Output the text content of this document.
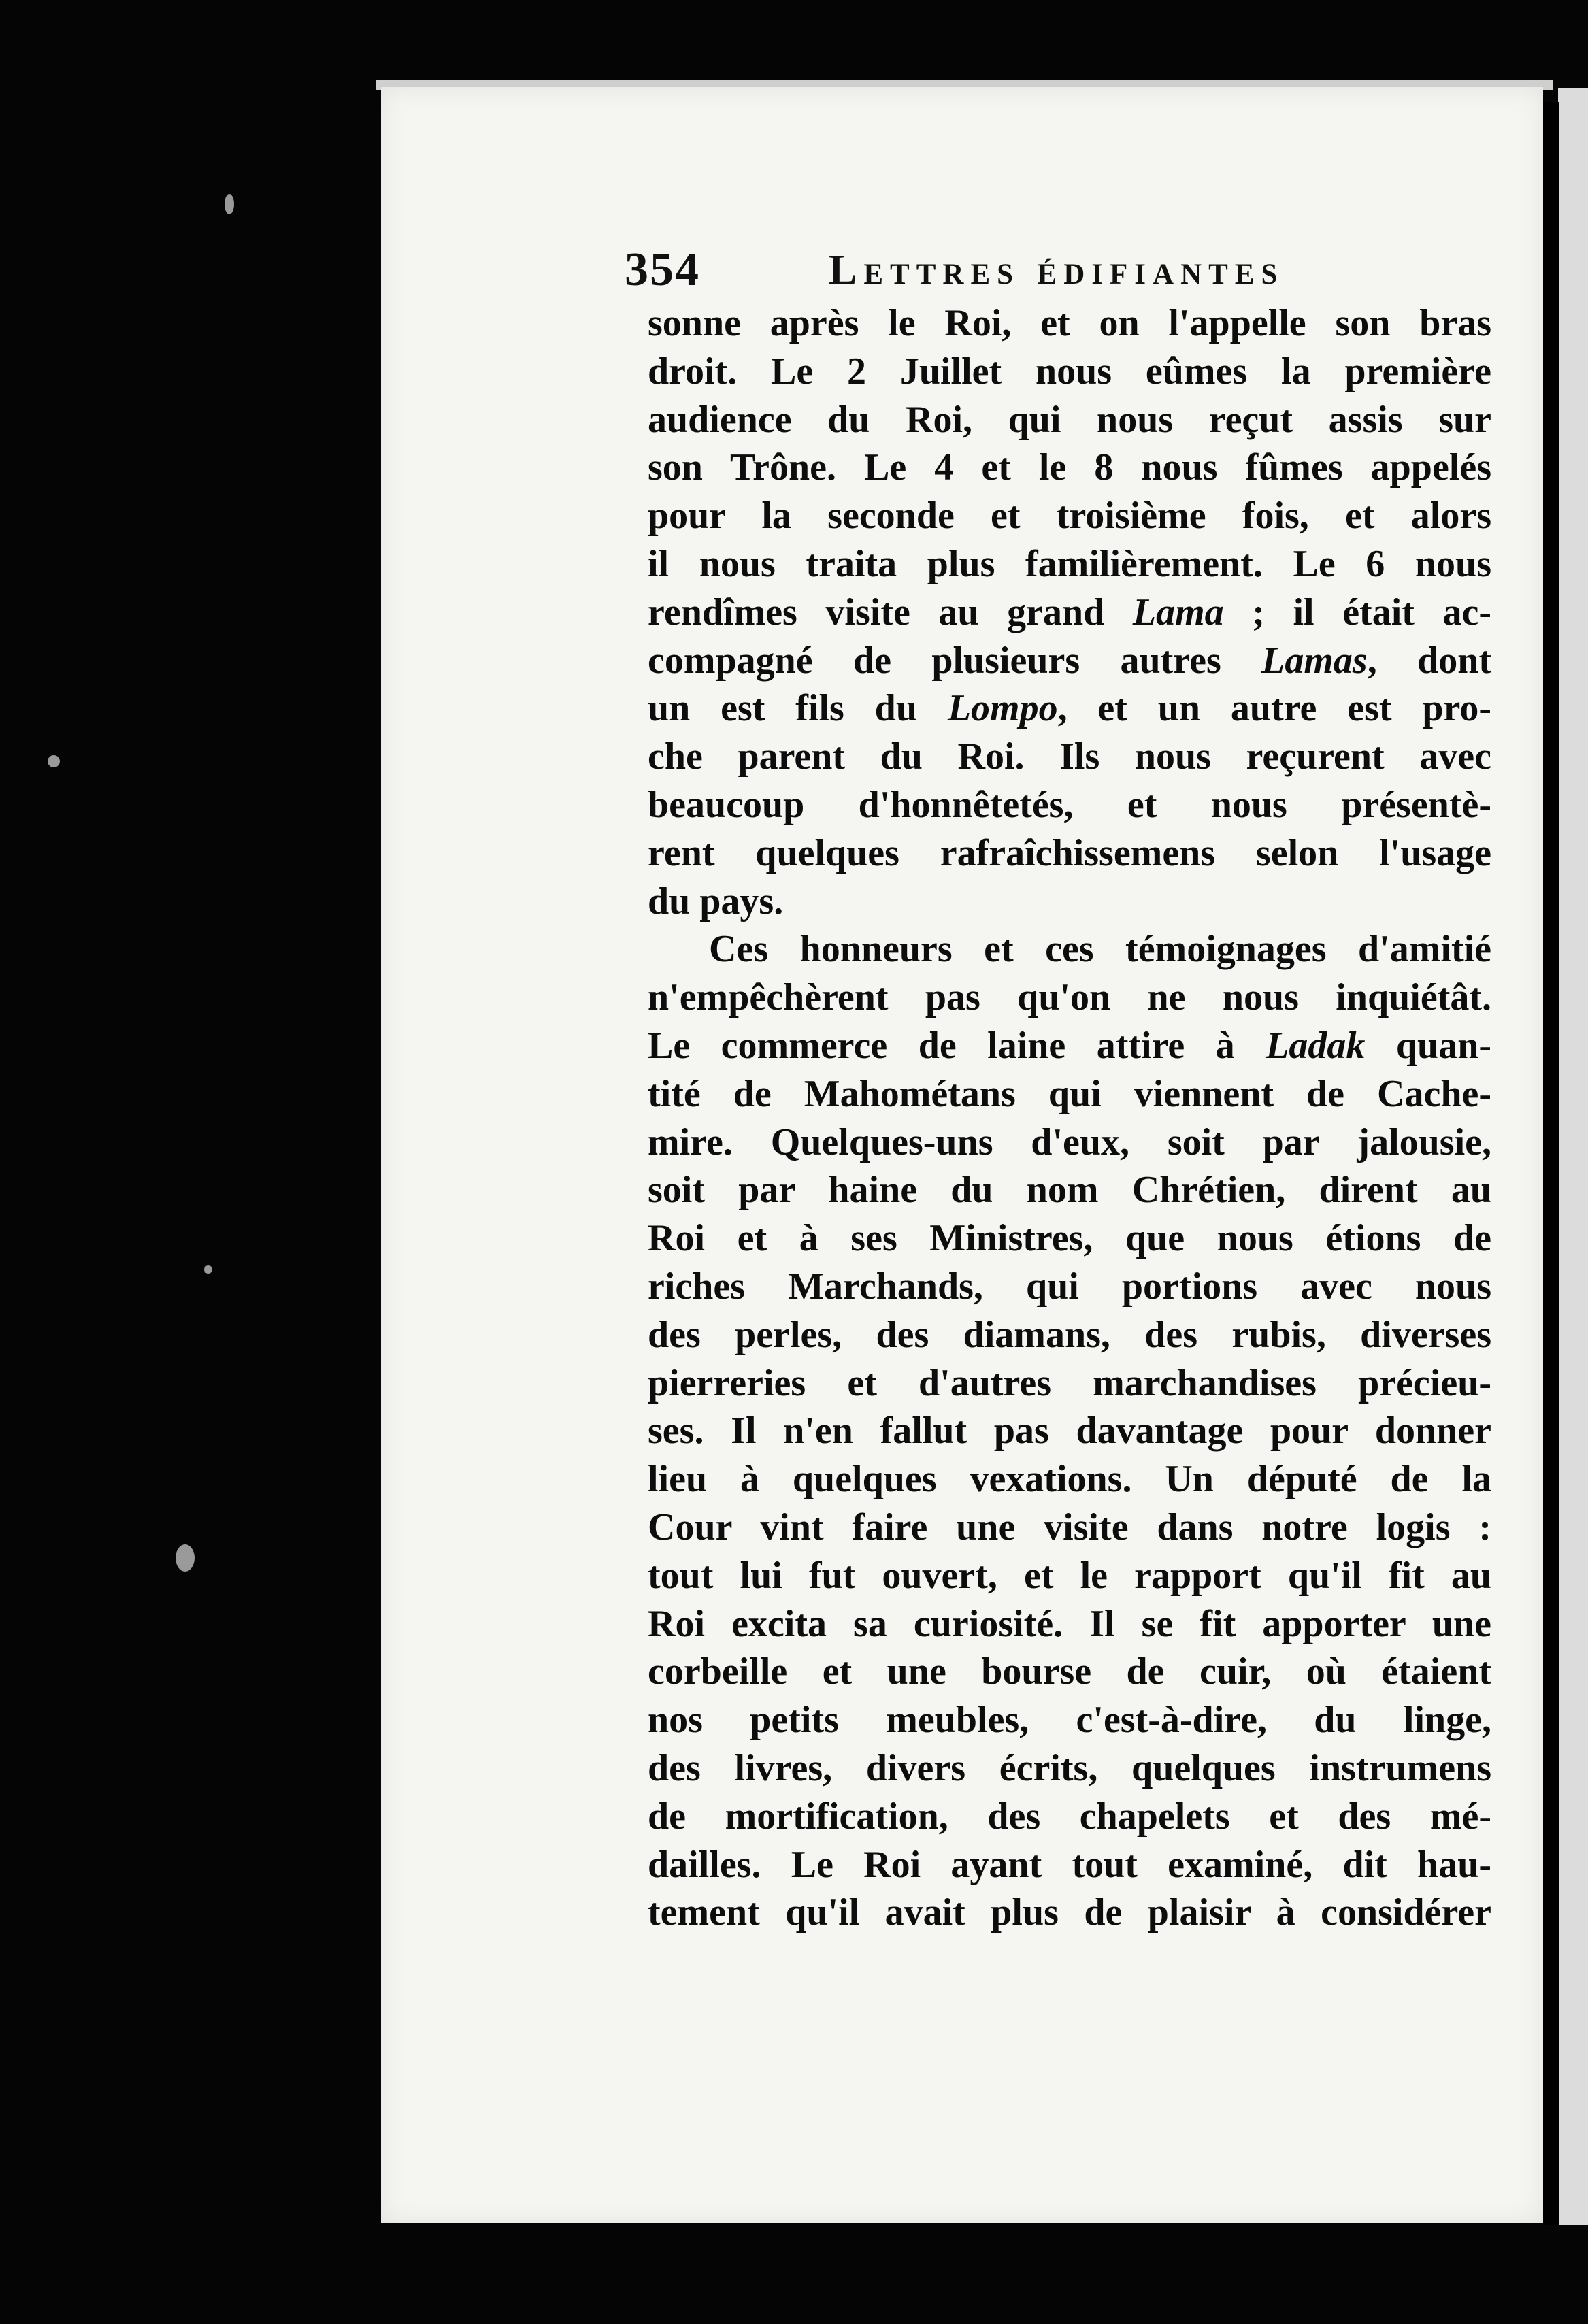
354	Lettres édifiantes
sonne après le Roi, et on l'appelle son bras
droit. Le 2 Juillet nous eûmes la première
audience du Roi, qui nous reçut assis sur
son Trône. Le 4 et le 8 nous fûmes appelés
pour la seconde et troisième fois, et alors
il nous traita plus familièrement. Le 6 nous
rendîmes visite au grand Lama ; il était ac-
compagné de plusieurs autres Lamas, dont
un est fils du Lompo, et un autre est pro-
che parent du Roi. Ils nous reçurent avec
beaucoup d'honnêtetés, et nous présentè-
rent quelques rafraîchissemens selon l'usage
du pays.
Ces honneurs et ces témoignages d'amitié
n'empêchèrent pas qu'on ne nous inquiétât.
Le commerce de laine attire à Ladak quan-
tité de Mahométans qui viennent de Cache-
mire. Quelques-uns d'eux, soit par jalousie,
soit par haine du nom Chrétien, dirent au
Roi et à ses Ministres, que nous étions de
riches Marchands, qui portions avec nous
des perles, des diamans, des rubis, diverses
pierreries et d'autres marchandises précieu-
ses. Il n'en fallut pas davantage pour donner
lieu à quelques vexations. Un député de la
Cour vint faire une visite dans notre logis :
tout lui fut ouvert, et le rapport qu'il fit au
Roi excita sa curiosité. Il se fit apporter une
corbeille et une bourse de cuir, où étaient
nos petits meubles, c'est-à-dire, du linge,
des livres, divers écrits, quelques instrumens
de mortification, des chapelets et des mé-
dailles. Le Roi ayant tout examiné, dit hau-
tement qu'il avait plus de plaisir à considérer
